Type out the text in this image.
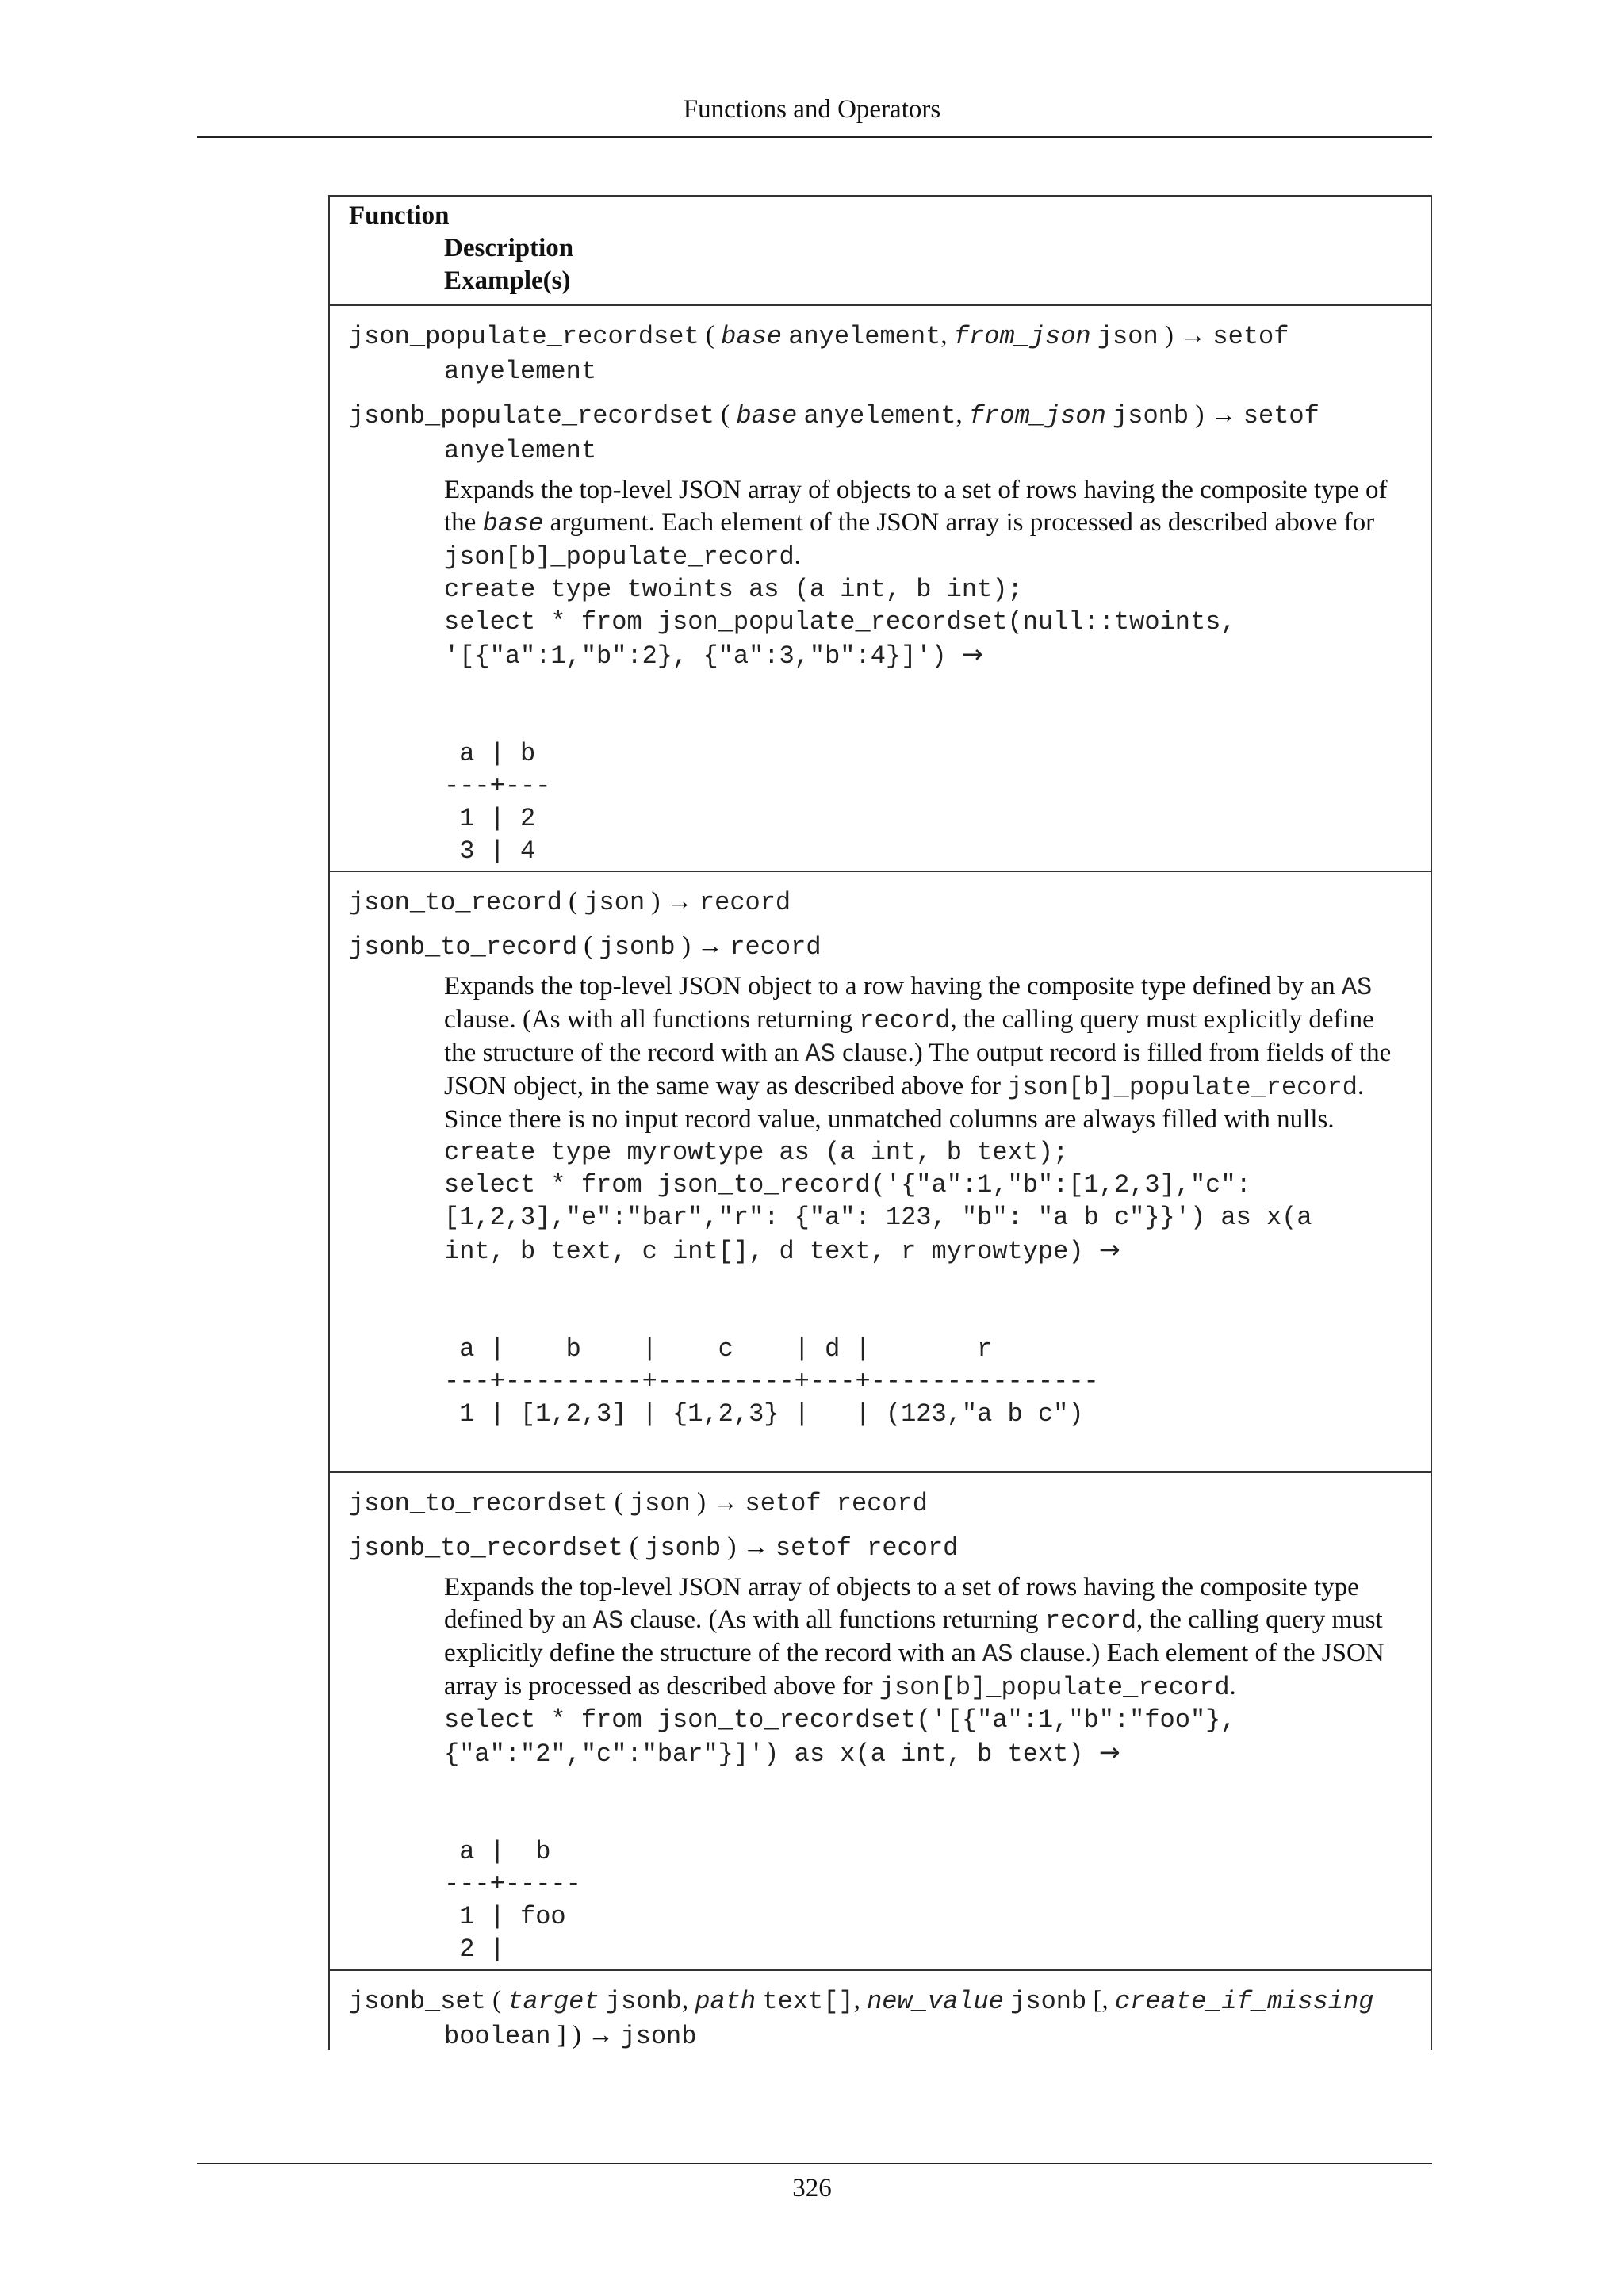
Functions and Operators
Function
Description
Example(s)
json_populate_recordset ( base anyelement, from_json json ) → setof anyelement
jsonb_populate_recordset ( base anyelement, from_json jsonb ) → setof anyelement
Expands the top-level JSON array of objects to a set of rows having the composite type of the base argument. Each element of the JSON array is processed as described above for json[b]_populate_record.
create type twoints as (a int, b int);
select * from json_populate_recordset(null::twoints,
'[{"a":1,"b":2}, {"a":3,"b":4}]') →
a | b
---+---
1 | 2
3 | 4
json_to_record ( json ) → record
jsonb_to_record ( jsonb ) → record
Expands the top-level JSON object to a row having the composite type defined by an AS clause. (As with all functions returning record, the calling query must explicitly define the structure of the record with an AS clause.) The output record is filled from fields of the JSON object, in the same way as described above for json[b]_populate_record. Since there is no input record value, unmatched columns are always filled with nulls.
create type myrowtype as (a int, b text);
select * from json_to_record('{"a":1,"b":[1,2,3],"c":
[1,2,3],"e":"bar","r": {"a": 123, "b": "a b c"}}') as x(a
int, b text, c int[], d text, r myrowtype) →
a |    b    |    c    | d |       r
---+---------+---------+---+---------------
1 | [1,2,3] | {1,2,3} |   | (123,"a b c")
json_to_recordset ( json ) → setof record
jsonb_to_recordset ( jsonb ) → setof record
Expands the top-level JSON array of objects to a set of rows having the composite type defined by an AS clause. (As with all functions returning record, the calling query must explicitly define the structure of the record with an AS clause.) Each element of the JSON array is processed as described above for json[b]_populate_record.
select * from json_to_recordset('[{"a":1,"b":"foo"},
{"a":"2","c":"bar"}]') as x(a int, b text) →
a |  b
---+-----
1 | foo
2 |
jsonb_set ( target jsonb, path text[], new_value jsonb [, create_if_missing boolean ] ) → jsonb
326
